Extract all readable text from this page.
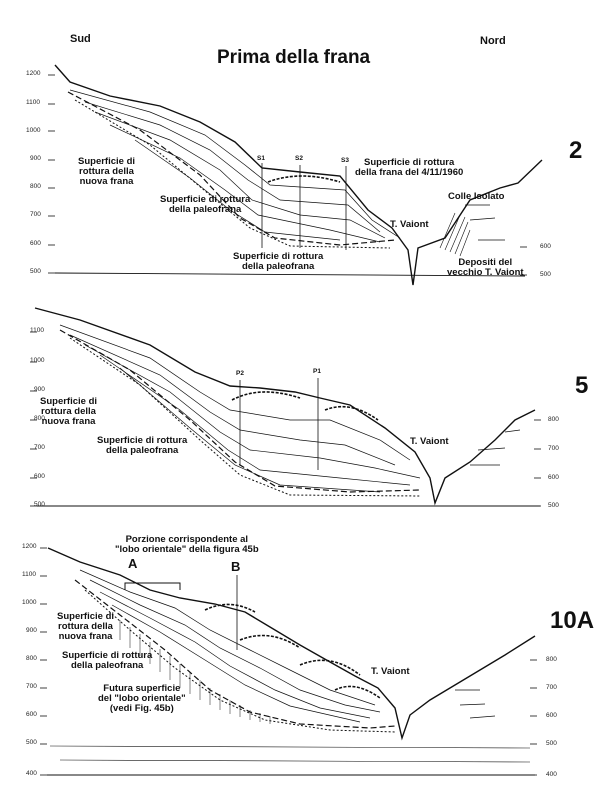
Sud	Nord
Prima della frana
2
1200
1100
1000
900
800
700
600
500
600
500
Superficie di
rottura della
nuova frana
Superficie di rottura
della paleofrana
Superficie di rottura
della paleofrana
Superficie di rottura
della frana del 4/11/1960
Colle Isolato
T. Vaiont
Depositi del
vecchio T. Vaiont
S1	S2	S3
5
1100
1000
900
800
700
600
500
800
700
600
500
Superficie di
rottura della
nuova frana
Superficie di rottura
della paleofrana
T. Vaiont
P2	P1
10A
1200
1100
1000
900
800
700
600
500
400
800
700
600
500
400
Porzione corrispondente al
"lobo orientale" della figura 45b
A	B
Superficie di
rottura della
nuova frana
Superficie di rottura
della paleofrana
Futura superficie
del "lobo orientale"
(vedi Fig. 45b)
T. Vaiont
